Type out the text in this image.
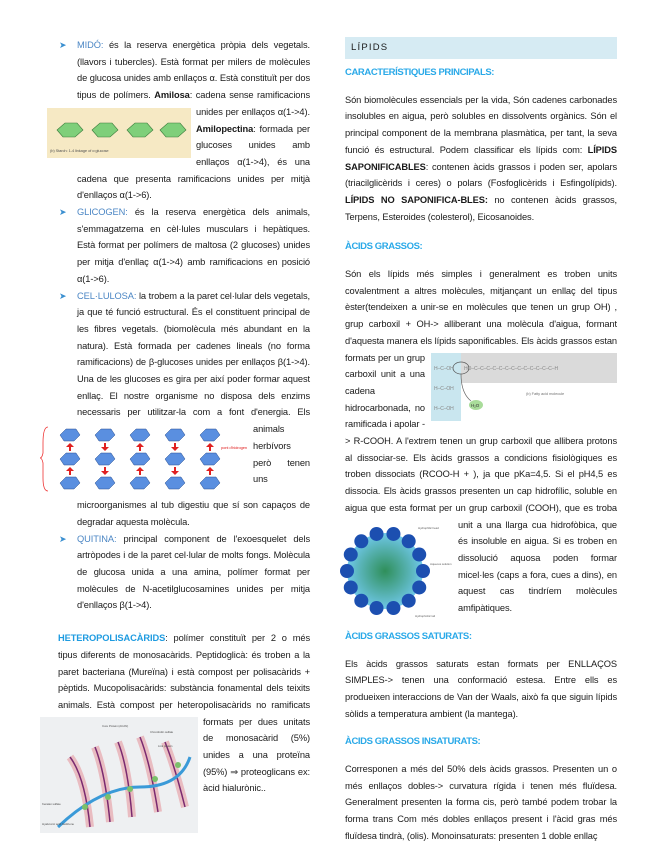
➤ MIDÓ: és la reserva energètica pròpia dels vegetals. (llavors i tubercles). Està format per milers de molècules de glucosa unides amb enllaços α. Està constituït per dos tipus de polímers. Amilosa: cadena sense ramificacions unides per enllaços α(1->4).
(b) Starch: 1-4 linkage of α glucose
Amilopectina: formada per glucoses unides amb enllaços α(1->4), és una cadena que presenta ramificacions unides per mitjà d'enllaços α(1->6).
➤ GLICOGEN: és la reserva energètica dels animals, s'emmagatzema en cèl·lules musculars i hepàtiques. Està format per polímers de maltosa (2 glucoses) unides per mitja d'enllaç α(1->4) amb ramificacions en posició α(1->6).
➤ CEL·LULOSA: la trobem a la paret cel·lular dels vegetals, ja que té funció estructural. És el constituent principal de les fibres vegetals. (biomolècula més abundant en la natura). Està formada per cadenes lineals (no forma ramificacions) de β-glucoses unides per enllaços β(1->4). Una de les glucoses es gira per així poder formar aquest enllaç. El nostre organisme no disposa dels enzims necessaris per utilitzar-la com
pont d'hidrogen
a font d'energia. Els animals herbívors però tenen uns microorganismes al tub digestiu que sí son capaços de degradar aquesta molècula.
➤ QUITINA: principal component de l'exoesquelet dels artròpodes i de la paret cel·lular de molts fongs. Molècula de glucosa unida a una amina, polímer format per molècules de N-acetilglucosamines unides per mitja d'enllaços β(1->4).

HETEROPOLISACÀRIDS: polímer constituït per 2 o més tipus diferents de monosacàrids. Peptidoglicà: és troben a la paret bacteriana (Mureïna) i està compost per polisacàrids + pèptids. Mucopolisacàrids: substància fonamental dels teixits animals. Està compost per
Core Protein (ACAN)
Chondroitin sulfate
Link protein
Keratan sulfate
Hyaluronic acid backbone
heteropolisacàrids no ramificats formats per dues unitats de monosacàrid (5%) unides a una proteïna (95%) ⇒ proteoglicans ex: àcid hialurònic..

LÍPIDS
CARACTERÍSTIQUES PRINCIPALS:

Són biomolècules essencials per la vida, Són cadenes carbonades insolubles en aigua, però solubles en dissolvents orgànics. Són el principal component de la membrana plasmàtica, per tant, la seva funció és estructural. Podem classificar els lípids com: LÍPIDS SAPONIFICABLES: contenen àcids grassos i poden ser, apolars (triacilglicèrids i ceres) o polars (Fosfoglicèrids i Esfingolípids). LÍPIDS NO SAPONIFICA-BLES: no contenen àcids grassos, Terpens, Esteroides (colesterol), Eicosanoides.

ÀCIDS GRASSOS:

Són els lípids més simples i generalment es troben units covalentment a altres molècules, mitjançant un enllaç del tipus èster(tendeixen a unir-se en molècules que tenen un grup OH) , grup carboxil + OH-> alliberant una molècula d'aigua, formant d'aquesta manera els lípids saponificables. Els àcids grassos
H–C–OH
H–C–OH
H–C–OH
HO–C–C–C–C–C–C–C–C–C–C–C–C–C–H
H₂O
(b) Fatty acid molecule
estan formats per un grup carboxil unit a una cadena hidrocarbonada, no ramificada i apolar -> R-COOH. A l'extrem tenen un grup carboxil que allibera protons al dissociar-se. Els àcids grassos a condicions fisiològiques es troben dissociats (RCOO-H + ), ja que pKa=4,5. Si el pH4,5 es dissocia. Els àcids grassos presenten un cap hidrofílic, soluble en aigua que esta format per un grup carboxil
Hydrophilic head
Aqueous solution
Hydrophobic tail
(COOH), que es troba unit a una llarga cua hidrofòbica, que és insoluble en aigua. Si es troben en dissolució aquosa poden formar micel·les (caps a fora, cues a dins), en aquest cas tindríem molècules amfipàtiques.

ÀCIDS GRASSOS SATURATS:

Els àcids grassos saturats estan formats per ENLLAÇOS SIMPLES-> tenen una conformació estesa. Entre ells es produeixen interaccions de Van der Waals, això fa que siguin lípids sòlids a temperatura ambient (la mantega).

ÀCIDS GRASSOS INSATURATS:

Corresponen a més del 50% dels àcids grassos. Presenten un o més enllaços dobles-> curvatura rígida i tenen més fluïdesa. Generalment presenten la forma cis, però també podem trobar la forma trans Com més dobles enllaços present i l'àcid gras més fluïdesa tindrà, (olis). Monoinsaturats: presenten 1 doble enllaç
